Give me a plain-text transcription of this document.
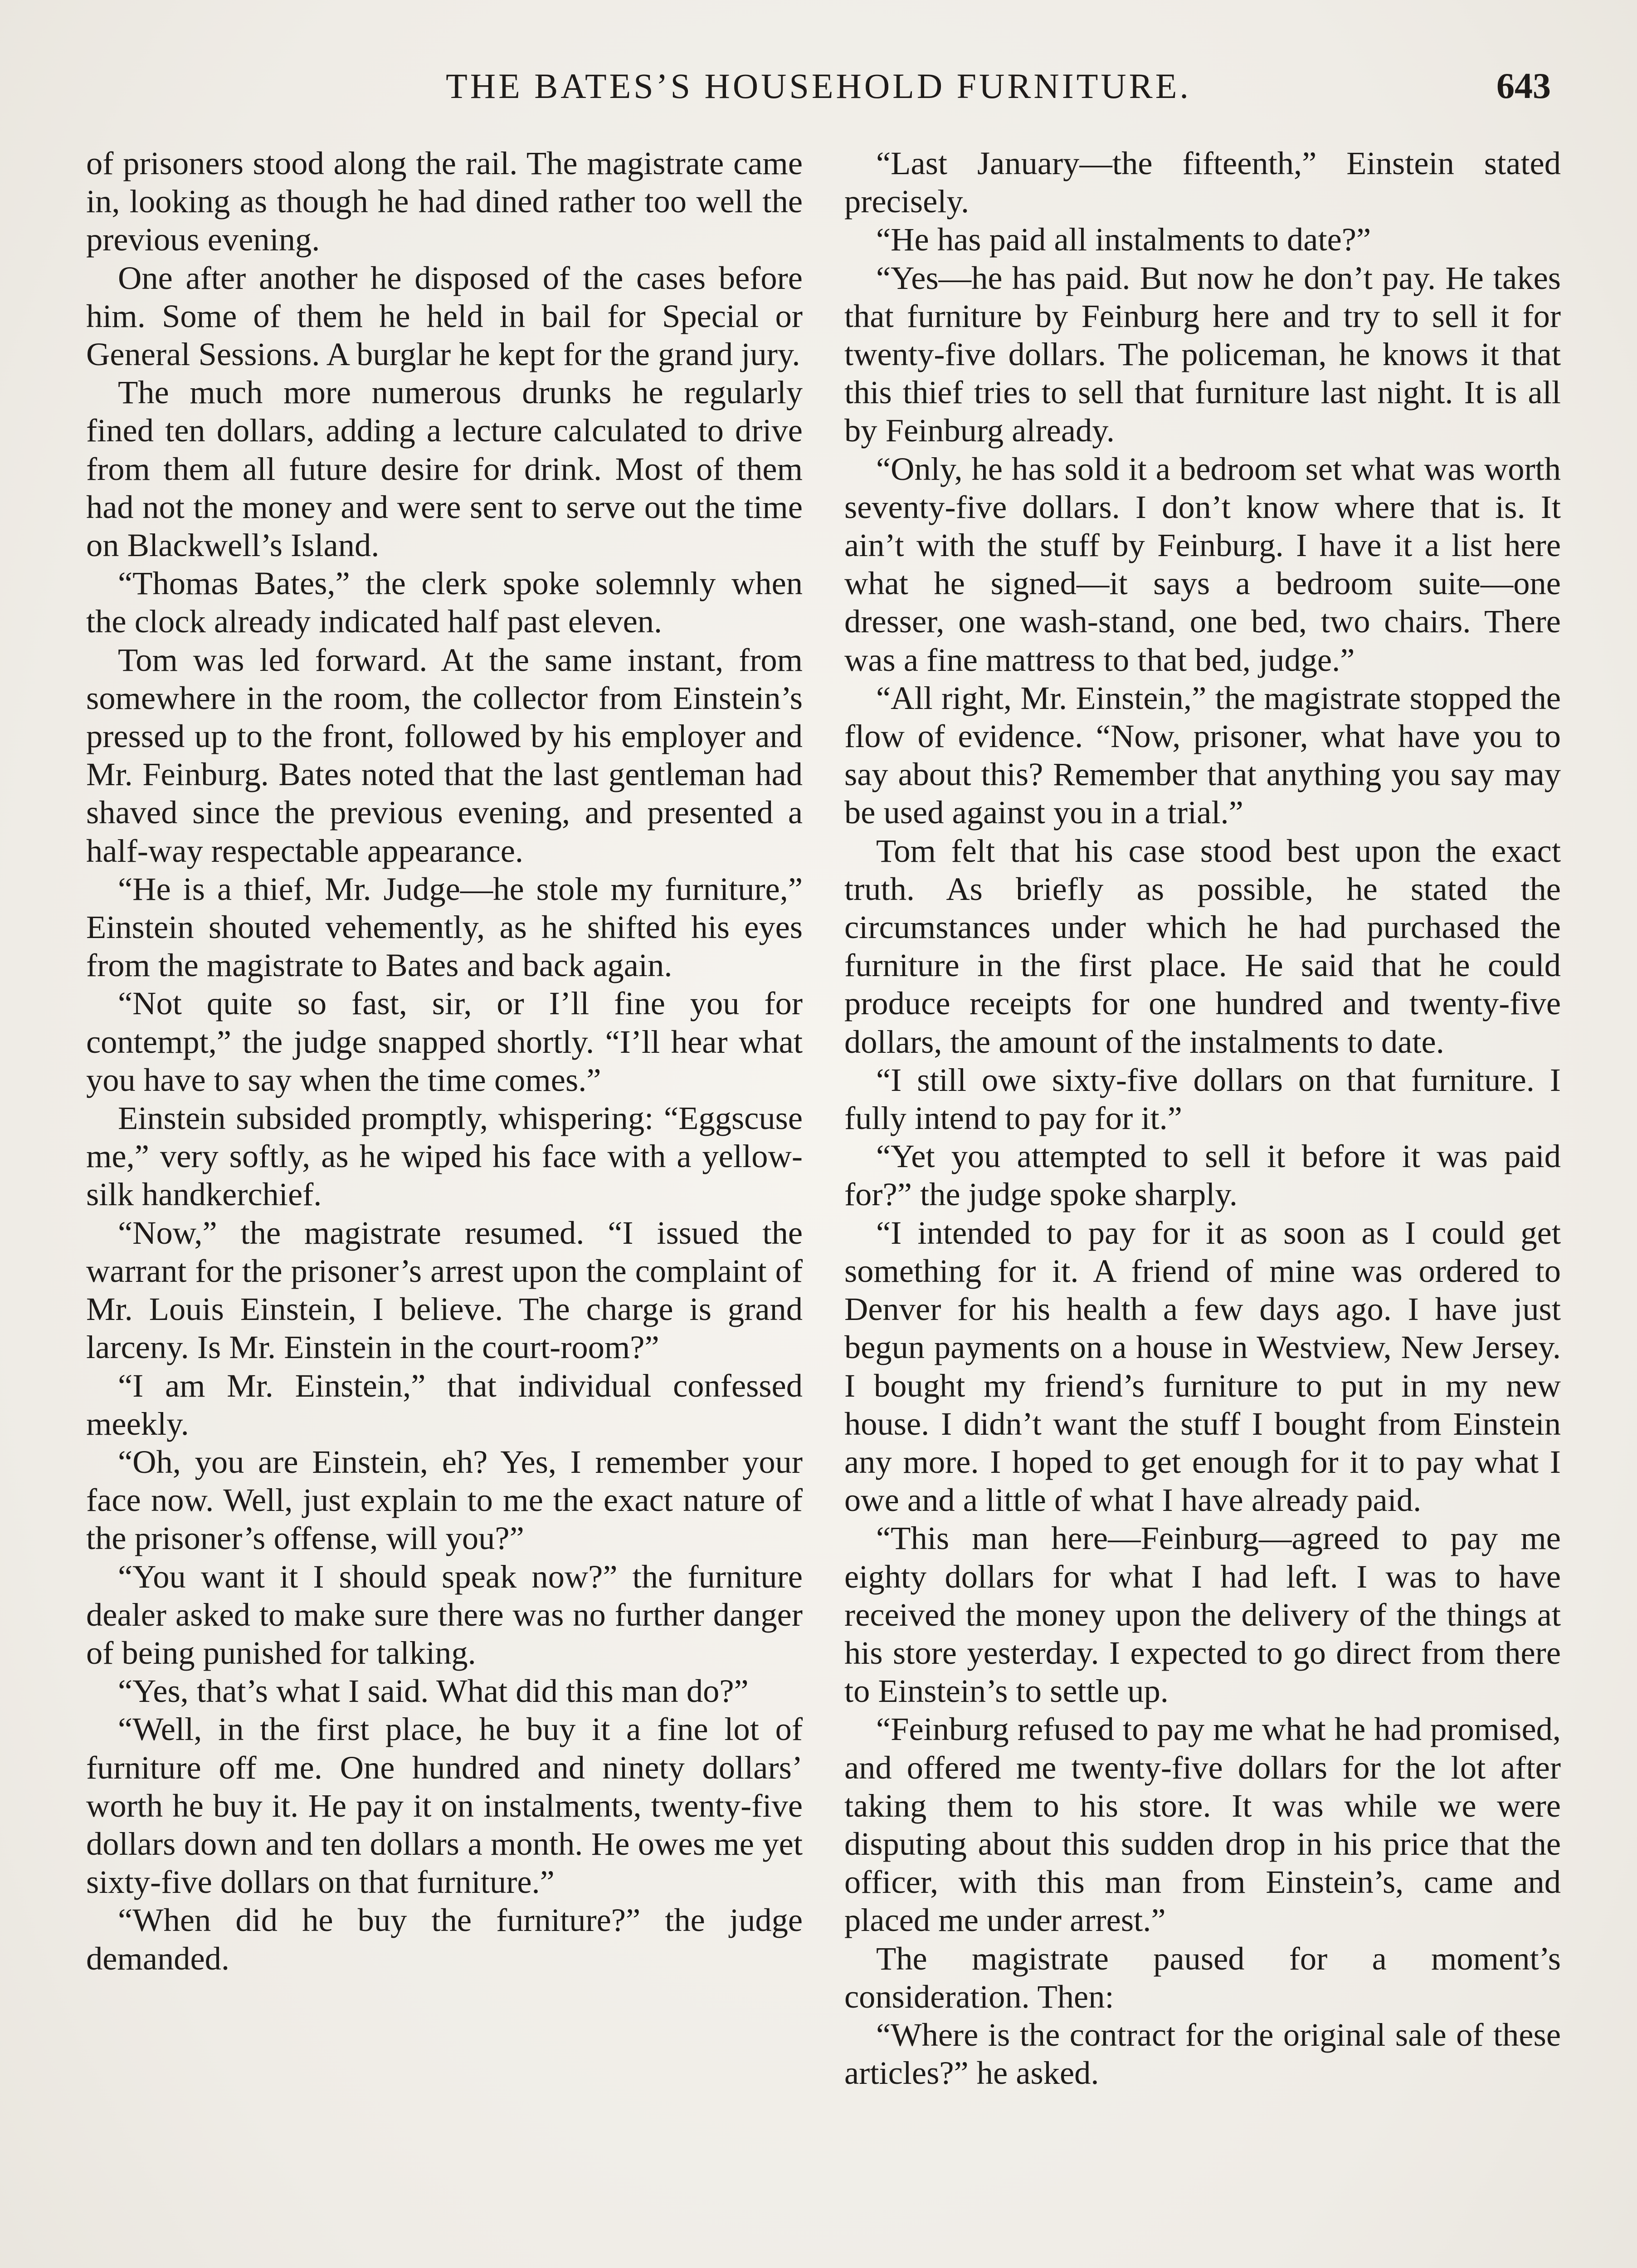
THE BATES’S HOUSEHOLD FURNITURE.	643

of prisoners stood along the rail. The magistrate came in, looking as though he had dined rather too well the previous evening.

One after another he disposed of the cases before him. Some of them he held in bail for Special or General Sessions. A burglar he kept for the grand jury.

The much more numerous drunks he regularly fined ten dollars, adding a lecture calculated to drive from them all future desire for drink. Most of them had not the money and were sent to serve out the time on Blackwell’s Island.

“Thomas Bates,” the clerk spoke solemnly when the clock already indicated half past eleven.

Tom was led forward. At the same instant, from somewhere in the room, the collector from Einstein’s pressed up to the front, followed by his employer and Mr. Feinburg. Bates noted that the last gentleman had shaved since the previous evening, and presented a half-way respectable appearance.

“He is a thief, Mr. Judge—he stole my furniture,” Einstein shouted vehemently, as he shifted his eyes from the magistrate to Bates and back again.

“Not quite so fast, sir, or I’ll fine you for contempt,” the judge snapped shortly. “I’ll hear what you have to say when the time comes.”

Einstein subsided promptly, whispering: “Eggscuse me,” very softly, as he wiped his face with a yellow-silk handkerchief.

“Now,” the magistrate resumed. “I issued the warrant for the prisoner’s arrest upon the complaint of Mr. Louis Einstein, I believe. The charge is grand larceny. Is Mr. Einstein in the court-room?”

“I am Mr. Einstein,” that individual confessed meekly.

“Oh, you are Einstein, eh? Yes, I remember your face now. Well, just explain to me the exact nature of the prisoner’s offense, will you?”

“You want it I should speak now?” the furniture dealer asked to make sure there was no further danger of being punished for talking.

“Yes, that’s what I said. What did this man do?”

“Well, in the first place, he buy it a fine lot of furniture off me. One hundred and ninety dollars’ worth he buy it. He pay it on instalments, twenty-five dollars down and ten dollars a month. He owes me yet sixty-five dollars on that furniture.”

“When did he buy the furniture?” the judge demanded.

“Last January—the fifteenth,” Einstein stated precisely.

“He has paid all instalments to date?”

“Yes—he has paid. But now he don’t pay. He takes that furniture by Feinburg here and try to sell it for twenty-five dollars. The policeman, he knows it that this thief tries to sell that furniture last night. It is all by Feinburg already.

“Only, he has sold it a bedroom set what was worth seventy-five dollars. I don’t know where that is. It ain’t with the stuff by Feinburg. I have it a list here what he signed—it says a bedroom suite—one dresser, one wash-stand, one bed, two chairs. There was a fine mattress to that bed, judge.”

“All right, Mr. Einstein,” the magistrate stopped the flow of evidence. “Now, prisoner, what have you to say about this? Remember that anything you say may be used against you in a trial.”

Tom felt that his case stood best upon the exact truth. As briefly as possible, he stated the circumstances under which he had purchased the furniture in the first place. He said that he could produce receipts for one hundred and twenty-five dollars, the amount of the instalments to date.

“I still owe sixty-five dollars on that furniture. I fully intend to pay for it.”

“Yet you attempted to sell it before it was paid for?” the judge spoke sharply.

“I intended to pay for it as soon as I could get something for it. A friend of mine was ordered to Denver for his health a few days ago. I have just begun payments on a house in Westview, New Jersey. I bought my friend’s furniture to put in my new house. I didn’t want the stuff I bought from Einstein any more. I hoped to get enough for it to pay what I owe and a little of what I have already paid.

“This man here—Feinburg—agreed to pay me eighty dollars for what I had left. I was to have received the money upon the delivery of the things at his store yesterday. I expected to go direct from there to Einstein’s to settle up.

“Feinburg refused to pay me what he had promised, and offered me twenty-five dollars for the lot after taking them to his store. It was while we were disputing about this sudden drop in his price that the officer, with this man from Einstein’s, came and placed me under arrest.”

The magistrate paused for a moment’s consideration. Then:

“Where is the contract for the original sale of these articles?” he asked.
